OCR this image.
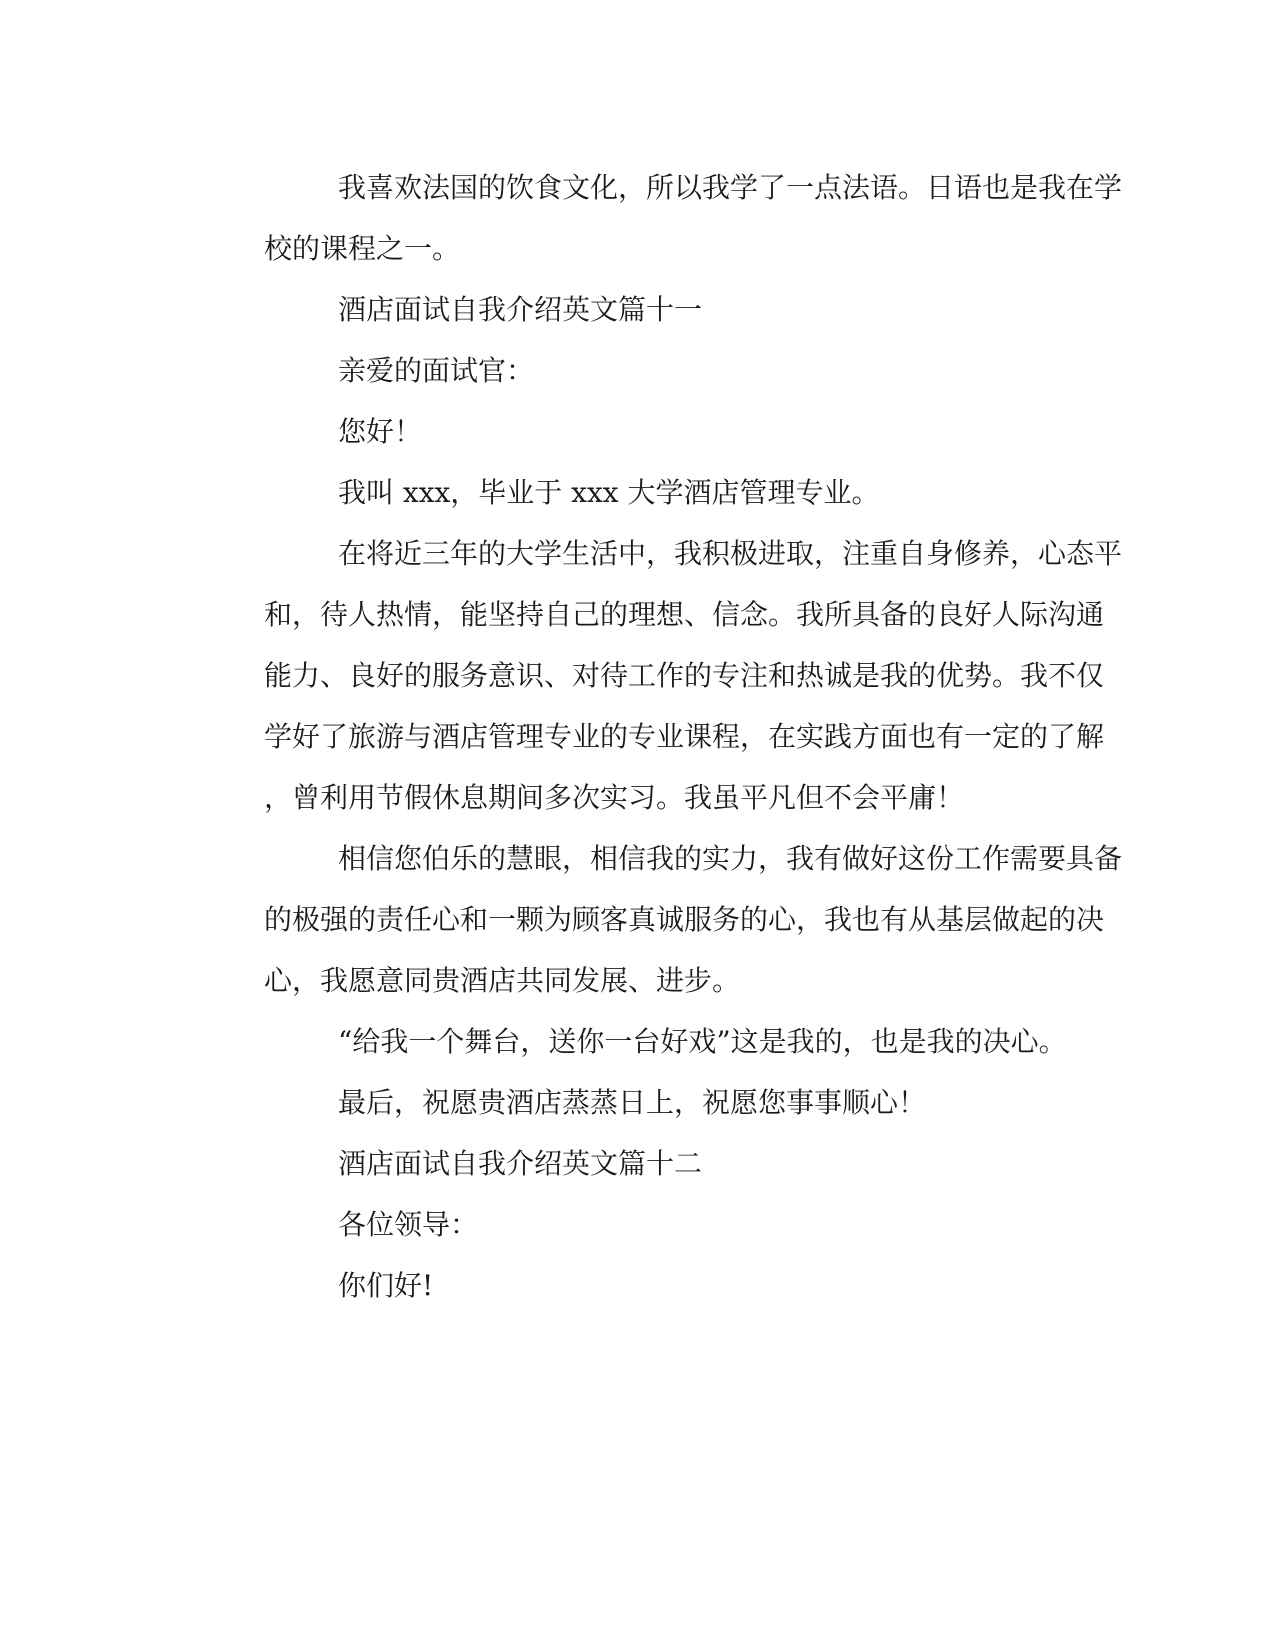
我喜欢法国的饮食文化，所以我学了一点法语。日语也是我在学
校的课程之一。
酒店面试自我介绍英文篇十一
亲爱的面试官：
您好！
我叫 xxx，毕业于 xxx 大学酒店管理专业。
在将近三年的大学生活中，我积极进取，注重自身修养，心态平
和，待人热情，能坚持自己的理想、信念。我所具备的良好人际沟通
能力、良好的服务意识、对待工作的专注和热诚是我的优势。我不仅
学好了旅游与酒店管理专业的专业课程，在实践方面也有一定的了解
，曾利用节假休息期间多次实习。我虽平凡但不会平庸！
相信您伯乐的慧眼，相信我的实力，我有做好这份工作需要具备
的极强的责任心和一颗为顾客真诚服务的心，我也有从基层做起的决
心，我愿意同贵酒店共同发展、进步。
“给我一个舞台，送你一台好戏”这是我的，也是我的决心。
最后，祝愿贵酒店蒸蒸日上，祝愿您事事顺心！
酒店面试自我介绍英文篇十二
各位领导：
你们好!
